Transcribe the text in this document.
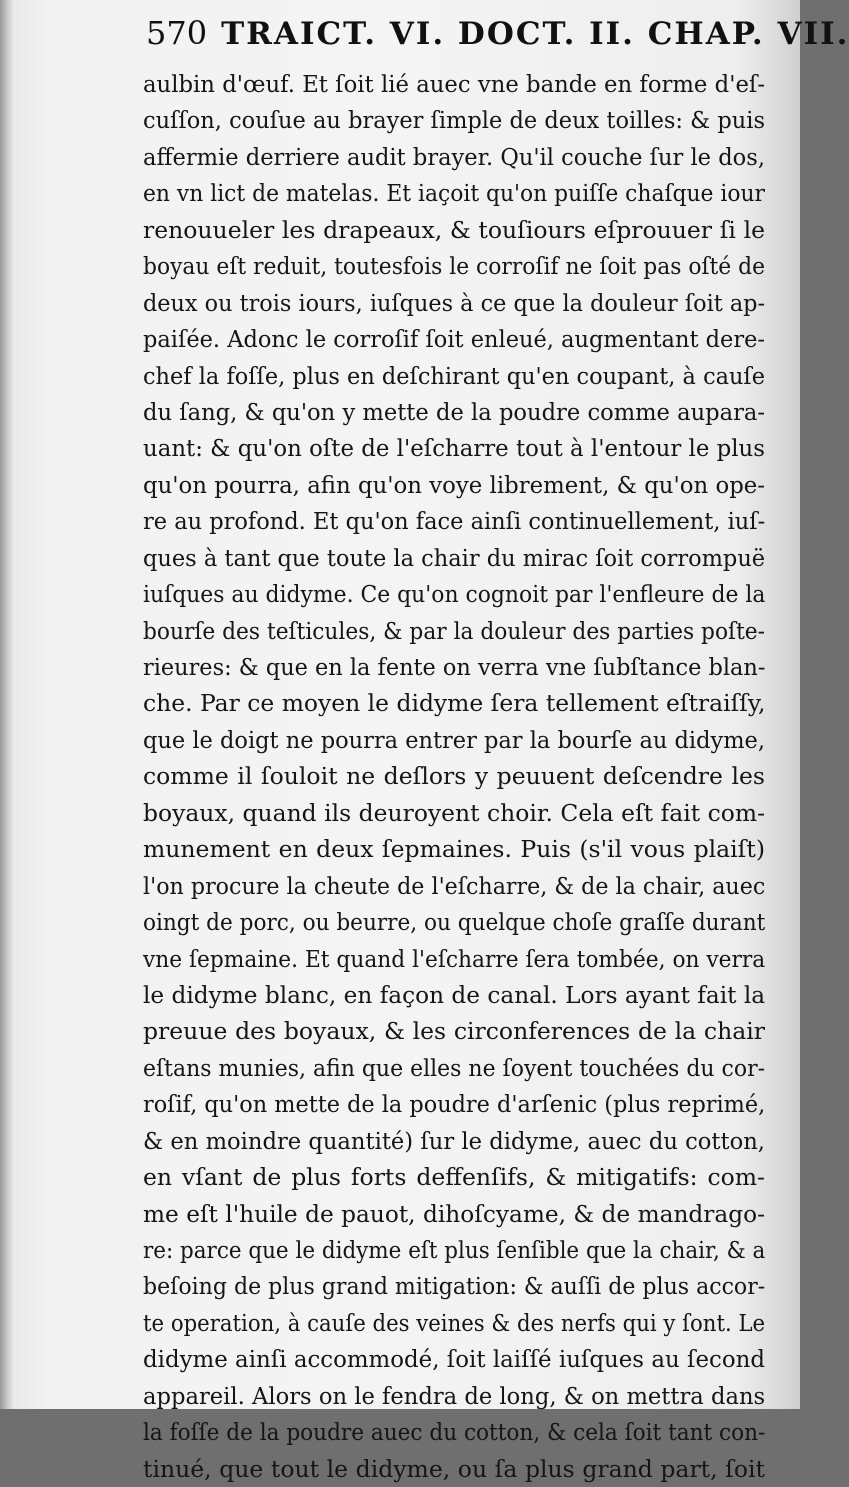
570 TRAICT. VI. DOCT. II. CHAP. VII.
aulbin d'œuf. Et ſoit lié auec vne bande en forme d'eſ-
cuſſon, couſue au brayer ſimple de deux toilles: & puis
affermie derriere audit brayer. Qu'il couche ſur le dos,
en vn lict de matelas. Et iaçoit qu'on puiſſe chaſque iour
renouueler les drapeaux, & touſiours eſprouuer ſi le
boyau eſt reduit, toutesfois le corroſif ne ſoit pas oſté de
deux ou trois iours, iuſques à ce que la douleur ſoit ap-
paiſée. Adonc le corroſif ſoit enleué, augmentant dere-
chef la foſſe, plus en deſchirant qu'en coupant, à cauſe
du ſang, & qu'on y mette de la poudre comme aupara-
uant: & qu'on oſte de l'eſcharre tout à l'entour le plus
qu'on pourra, afin qu'on voye librement, & qu'on ope-
re au profond. Et qu'on face ainſi continuellement, iuſ-
ques à tant que toute la chair du mirac ſoit corrompuë
iuſques au didyme. Ce qu'on cognoit par l'enfleure de la
bourſe des teſticules, & par la douleur des parties poſte-
rieures: & que en la fente on verra vne ſubſtance blan-
che. Par ce moyen le didyme ſera tellement eſtraiſſy,
que le doigt ne pourra entrer par la bourſe au didyme,
comme il ſouloit ne deſlors y peuuent deſcendre les
boyaux, quand ils deuroyent choir. Cela eſt fait com-
munement en deux ſepmaines. Puis (s'il vous plaiſt)
l'on procure la cheute de l'eſcharre, & de la chair, auec
oingt de porc, ou beurre, ou quelque choſe graſſe durant
vne ſepmaine. Et quand l'eſcharre ſera tombée, on verra
le didyme blanc, en façon de canal. Lors ayant fait la
preuue des boyaux, & les circonferences de la chair
eſtans munies, afin que elles ne ſoyent touchées du cor-
roſif, qu'on mette de la poudre d'arſenic (plus reprimé,
& en moindre quantité) ſur le didyme, auec du cotton,
en vſant de plus forts deffenſifs, & mitigatifs: com-
me eſt l'huile de pauot, dihoſcyame, & de mandrago-
re: parce que le didyme eſt plus ſenſible que la chair, & a
beſoing de plus grand mitigation: & auſſi de plus accor-
te operation, à cauſe des veines & des nerfs qui y ſont. Le
didyme ainſi accommodé, ſoit laiſſé iuſques au ſecond
appareil. Alors on le fendra de long, & on mettra dans
la foſſe de la poudre auec du cotton, & cela ſoit tant con-
tinué, que tout le didyme, ou ſa plus grand part, ſoit
